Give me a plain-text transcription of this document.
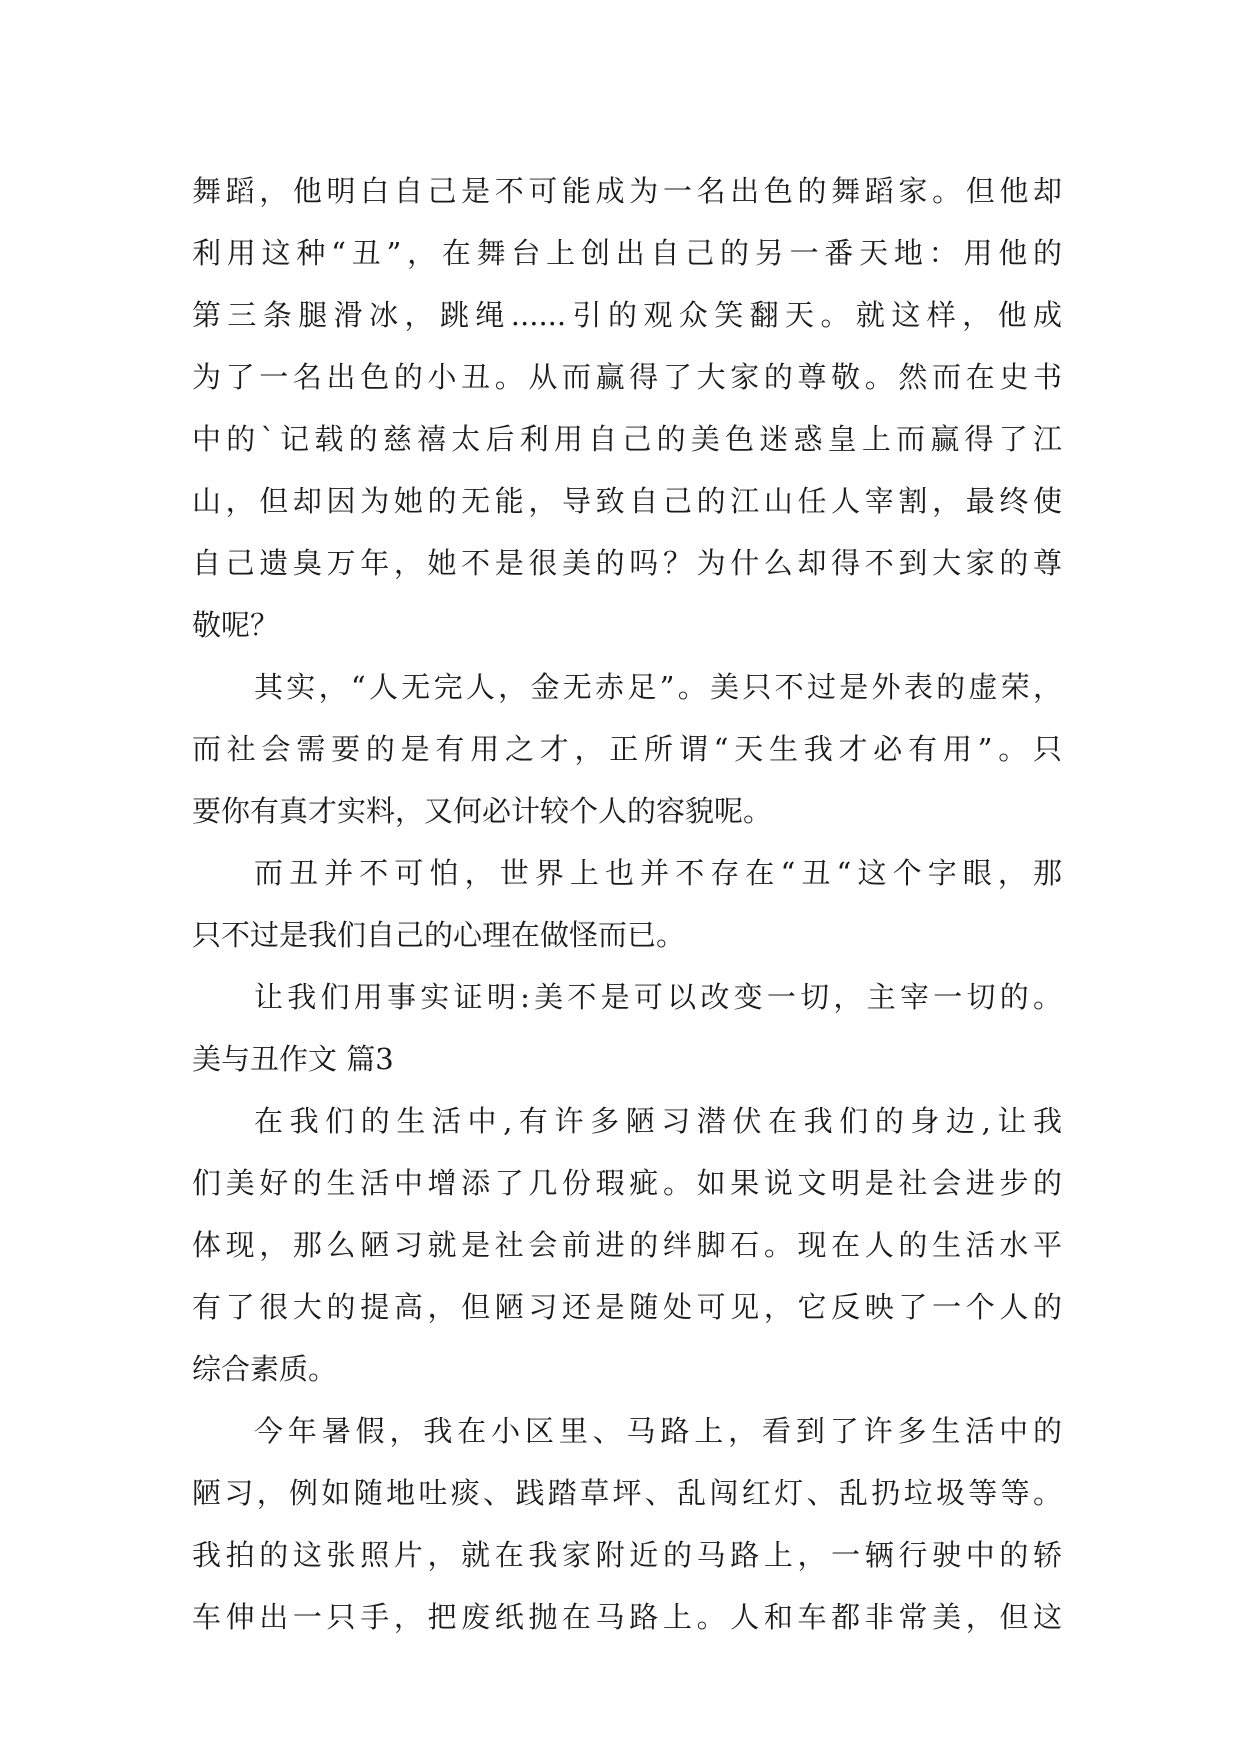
舞蹈，他明白自己是不可能成为一名出色的舞蹈家。但他却
利用这种“丑”，在舞台上创出自己的另一番天地：用他的
第三条腿滑冰，跳绳......引的观众笑翻天。就这样，他成
为了一名出色的小丑。从而赢得了大家的尊敬。然而在史书
中的`记载的慈禧太后利用自己的美色迷惑皇上而赢得了江
山，但却因为她的无能，导致自己的江山任人宰割，最终使
自己遗臭万年，她不是很美的吗？为什么却得不到大家的尊
敬呢？
其实，“人无完人，金无赤足”。美只不过是外表的虚荣，
而社会需要的是有用之才，正所谓“天生我才必有用”。只
要你有真才实料，又何必计较个人的容貌呢。
而丑并不可怕，世界上也并不存在“丑“这个字眼，那
只不过是我们自己的心理在做怪而已。
让我们用事实证明:美不是可以改变一切，主宰一切的。
美与丑作文 篇3
在我们的生活中,有许多陋习潜伏在我们的身边,让我
们美好的生活中增添了几份瑕疵。如果说文明是社会进步的
体现，那么陋习就是社会前进的绊脚石。现在人的生活水平
有了很大的提高，但陋习还是随处可见，它反映了一个人的
综合素质。
今年暑假，我在小区里、马路上，看到了许多生活中的
陋习，例如随地吐痰、践踏草坪、乱闯红灯、乱扔垃圾等等。
我拍的这张照片，就在我家附近的马路上，一辆行驶中的轿
车伸出一只手，把废纸抛在马路上。人和车都非常美，但这
